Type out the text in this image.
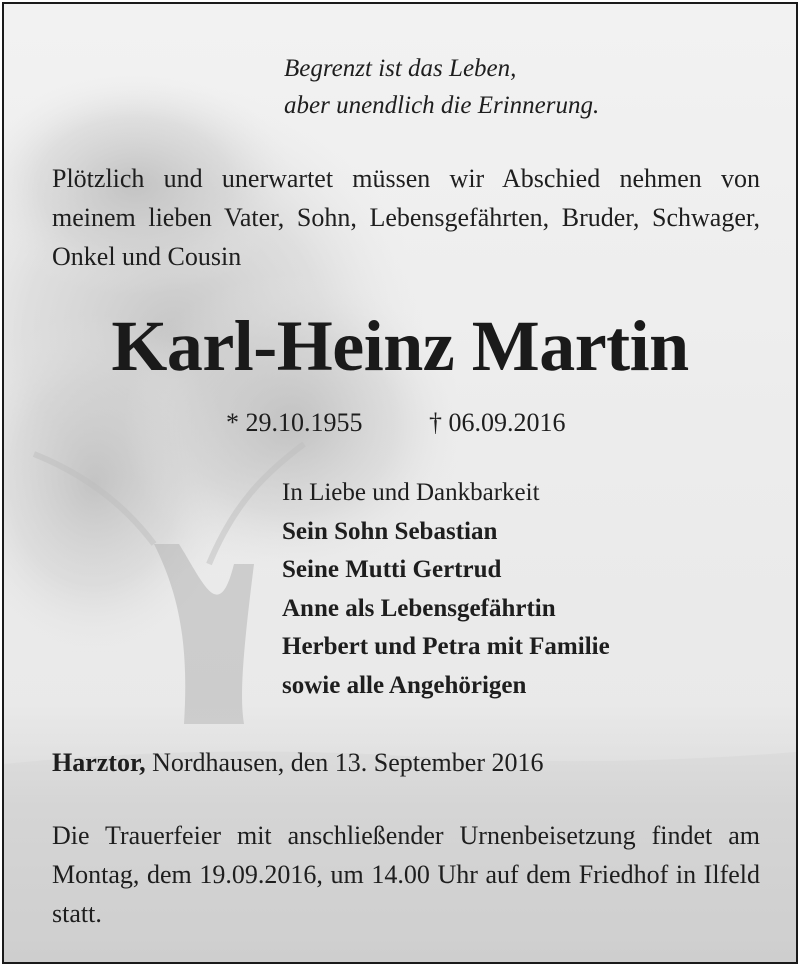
Begrenzt ist das Leben,
aber unendlich die Erinnerung.
Plötzlich und unerwartet müssen wir Abschied nehmen von meinem lieben Vater, Sohn, Lebensgefährten, Bruder, Schwager, Onkel und Cousin
Karl-Heinz Martin
* 29.10.1955	† 06.09.2016
In Liebe und Dankbarkeit
Sein Sohn Sebastian
Seine Mutti Gertrud
Anne als Lebensgefährtin
Herbert und Petra mit Familie
sowie alle Angehörigen
Harztor, Nordhausen, den 13. September 2016
Die Trauerfeier mit anschließender Urnenbeisetzung findet am Montag, dem 19.09.2016, um 14.00 Uhr auf dem Friedhof in Ilfeld statt.
